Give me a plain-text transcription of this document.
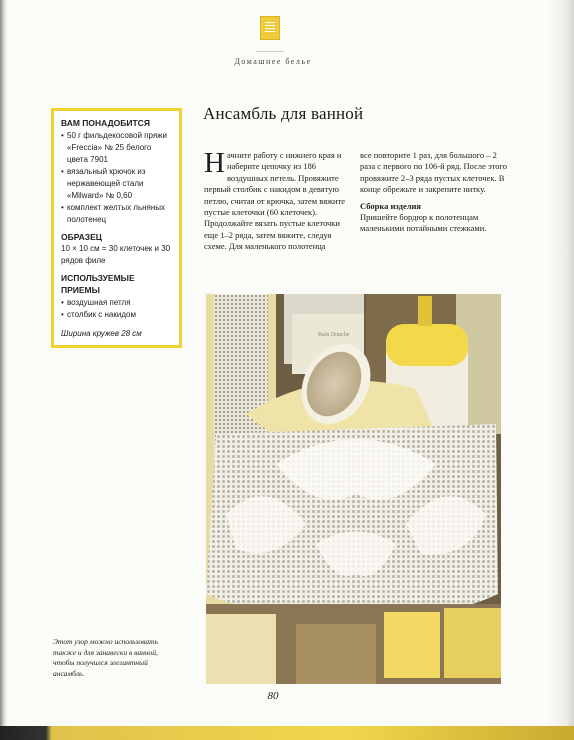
Домашнее белье
ВАМ ПОНАДОБИТСЯ
• 50 г фильдекосовой пряжи «Freccia» № 25 белого цвета 7901
• вязальный крючок из нержавеющей стали «Milward» № 0,60
• комплект желтых льняных полотенец
ОБРАЗЕЦ
10 × 10 см = 30 клеточек и 30 рядов филе
ИСПОЛЬЗУЕМЫЕ ПРИЕМЫ
• воздушная петля
• столбик с накидом
Ширина кружев 28 см
Ансамбль для ванной
Начните работу с нижнего края и наберите цепочку из 186 воздушных петель. Провяжите первый столбик с накидом в девятую петлю, считая от крючка, затем вяжите пустые клеточки (60 клеточек). Продолжайте вязать пустые клеточки еще 1–2 ряда, затем вяжите, следуя схеме. Для маленького полотенца
все повторите 1 раз, для большого – 2 раза с первого по 106-й ряд. После этого провяжите 2–3 ряда пустых клеточек. В конце обрежьте и закрепите нитку.
Сборка изделия
Пришейте бордюр к полотенцам маленькими потайными стежками.
Bain Douche
Этот узор можно использовать также и для занавески в ванной, чтобы получился элегантный ансамбль.
80
